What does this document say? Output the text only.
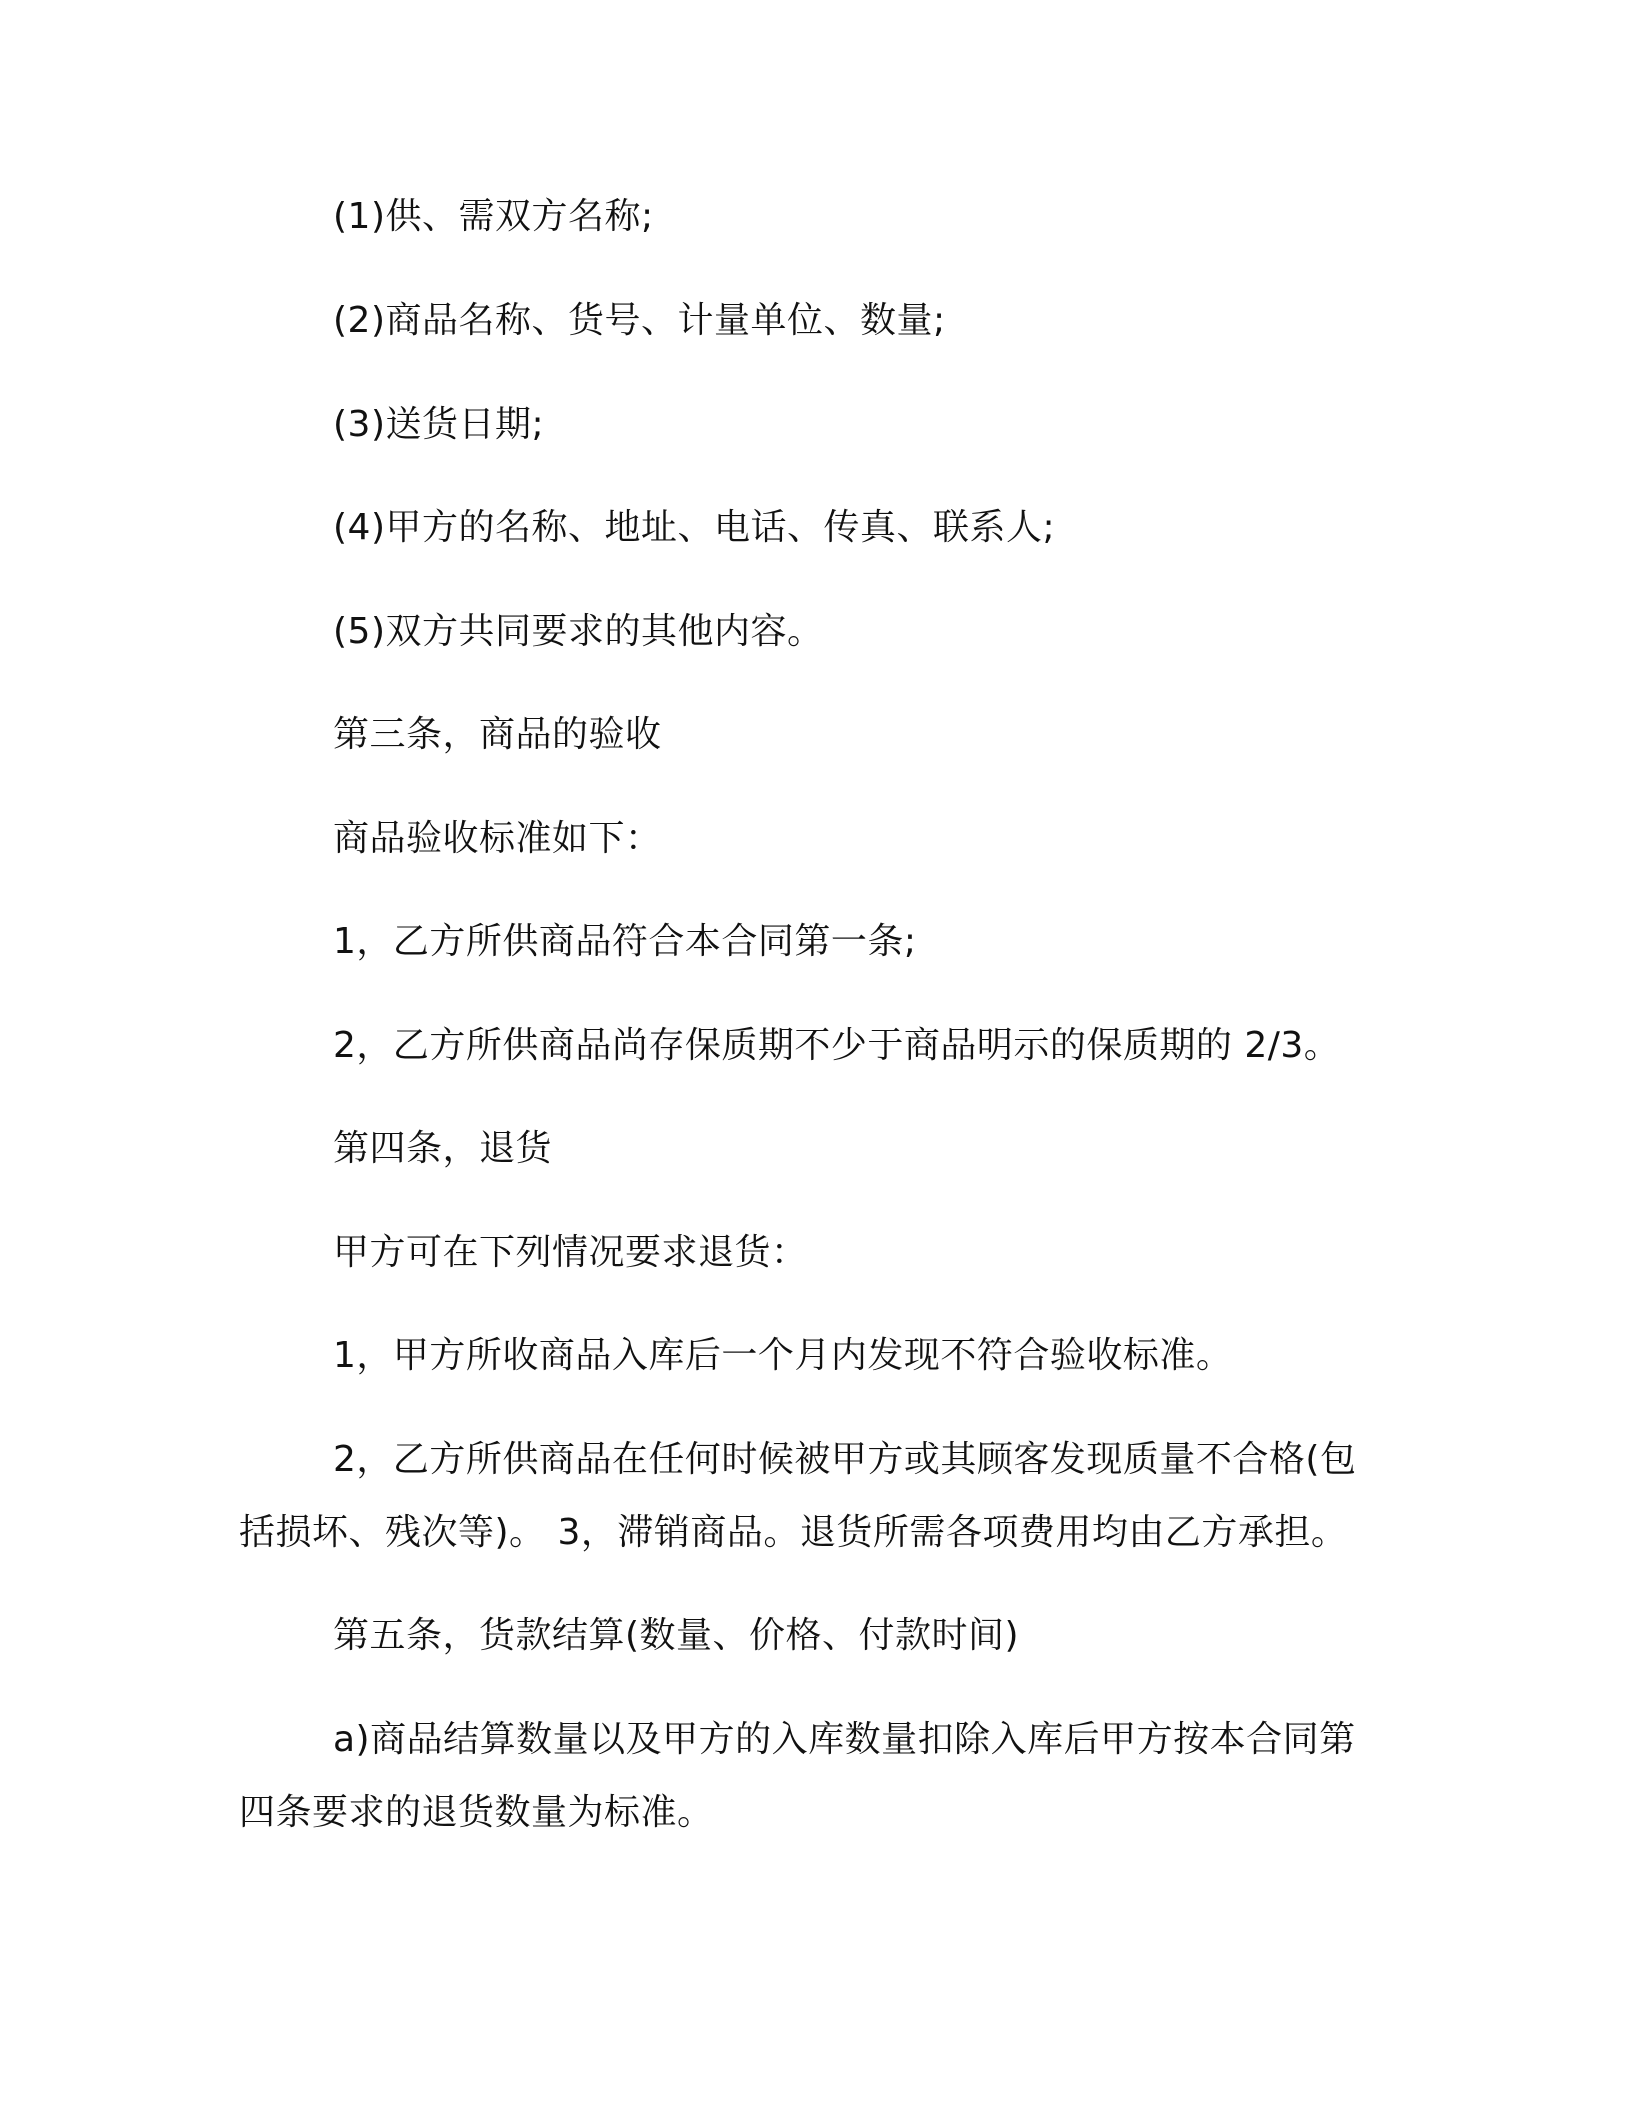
(1)供、需双方名称;
(2)商品名称、货号、计量单位、数量;
(3)送货日期;
(4)甲方的名称、地址、电话、传真、联系人;
(5)双方共同要求的其他内容。
第三条，商品的验收
商品验收标准如下：
1，乙方所供商品符合本合同第一条;
2，乙方所供商品尚存保质期不少于商品明示的保质期的 2/3。
第四条，退货
甲方可在下列情况要求退货：
1，甲方所收商品入库后一个月内发现不符合验收标准。
2，乙方所供商品在任何时候被甲方或其顾客发现质量不合格(包
括损坏、残次等)。 3，滞销商品。退货所需各项费用均由乙方承担。
第五条，货款结算(数量、价格、付款时间)
a)商品结算数量以及甲方的入库数量扣除入库后甲方按本合同第
四条要求的退货数量为标准。
